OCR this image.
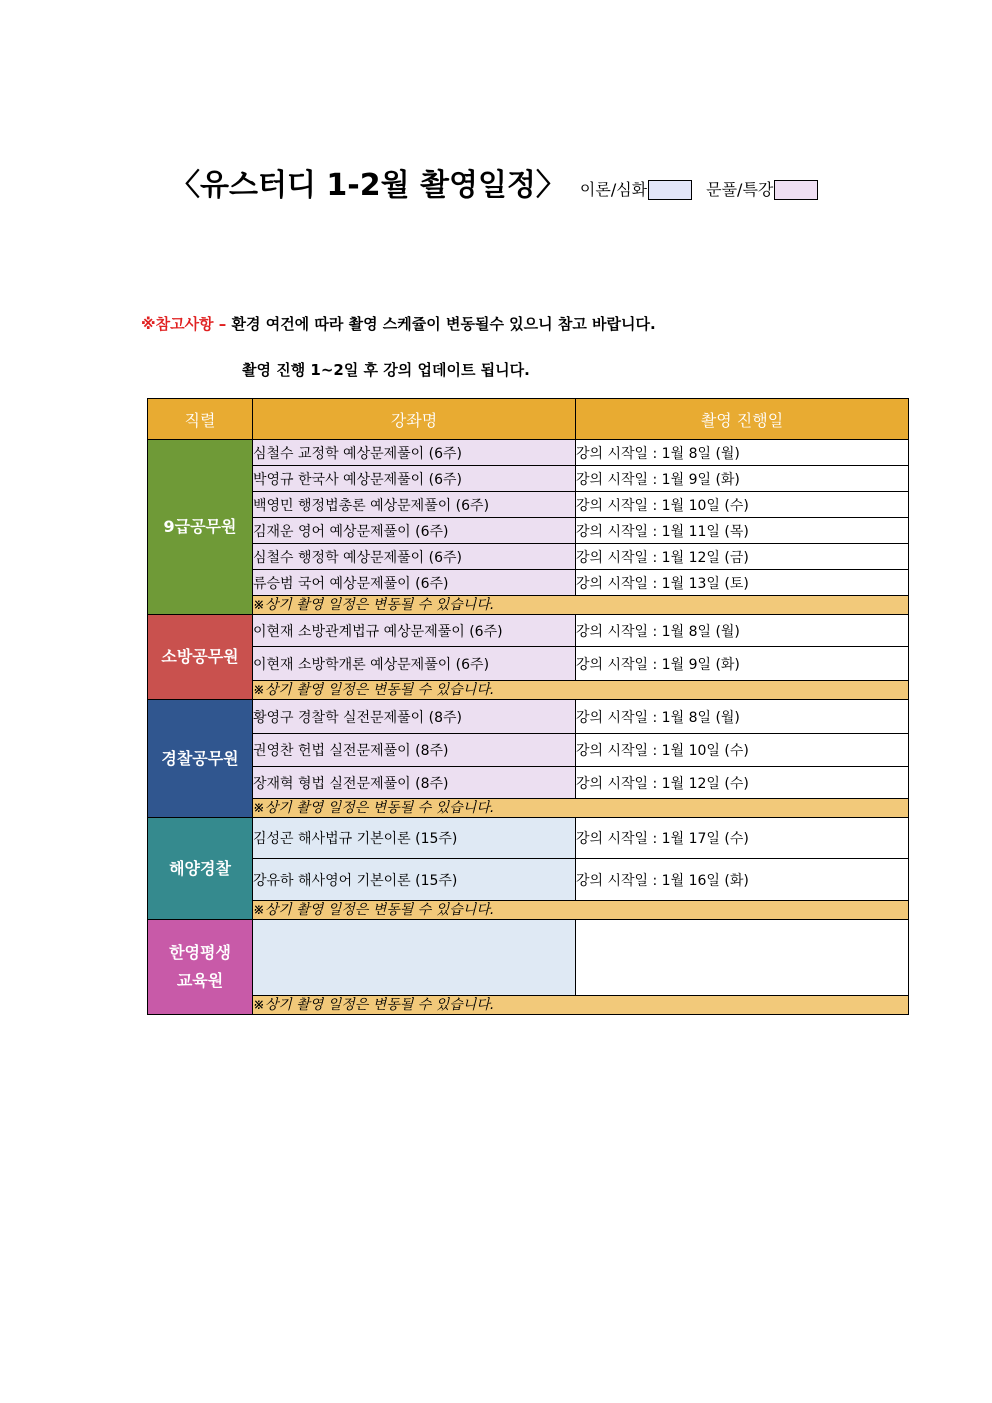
〈유스터디 1-2월 촬영일정〉 이론/심화	문풀/특강
※참고사항 – 환경 여건에 따라 촬영 스케쥴이 변동될수 있으니 참고 바랍니다.
촬영 진행 1~2일 후 강의 업데이트 됩니다.
직렬	강좌명	촬영 진행일
9급공무원	심철수 교정학 예상문제풀이 (6주)	강의 시작일 : 1월 8일 (월)
	박영규 한국사 예상문제풀이 (6주)	강의 시작일 : 1월 9일 (화)
	백영민 행정법총론 예상문제풀이 (6주)	강의 시작일 : 1월 10일 (수)
	김재운 영어 예상문제풀이 (6주)	강의 시작일 : 1월 11일 (목)
	심철수 행정학 예상문제풀이 (6주)	강의 시작일 : 1월 12일 (금)
	류승범 국어 예상문제풀이 (6주)	강의 시작일 : 1월 13일 (토)
	※상기 촬영 일정은 변동될 수 있습니다.	
소방공무원	이현재 소방관계법규 예상문제풀이 (6주)	강의 시작일 : 1월 8일 (월)
	이현재 소방학개론 예상문제풀이 (6주)	강의 시작일 : 1월 9일 (화)
	※상기 촬영 일정은 변동될 수 있습니다.	
경찰공무원	황영구 경찰학 실전문제풀이 (8주)	강의 시작일 : 1월 8일 (월)
	권영찬 헌법 실전문제풀이 (8주)	강의 시작일 : 1월 10일 (수)
	장재혁 형법 실전문제풀이 (8주)	강의 시작일 : 1월 12일 (수)
	※상기 촬영 일정은 변동될 수 있습니다.	
해양경찰	김성곤 해사법규 기본이론 (15주)	강의 시작일 : 1월 17일 (수)
	강유하 해사영어 기본이론 (15주)	강의 시작일 : 1월 16일 (화)
	※상기 촬영 일정은 변동될 수 있습니다.	

한영평생
교육원		

	※상기 촬영 일정은 변동될 수 있습니다.	
